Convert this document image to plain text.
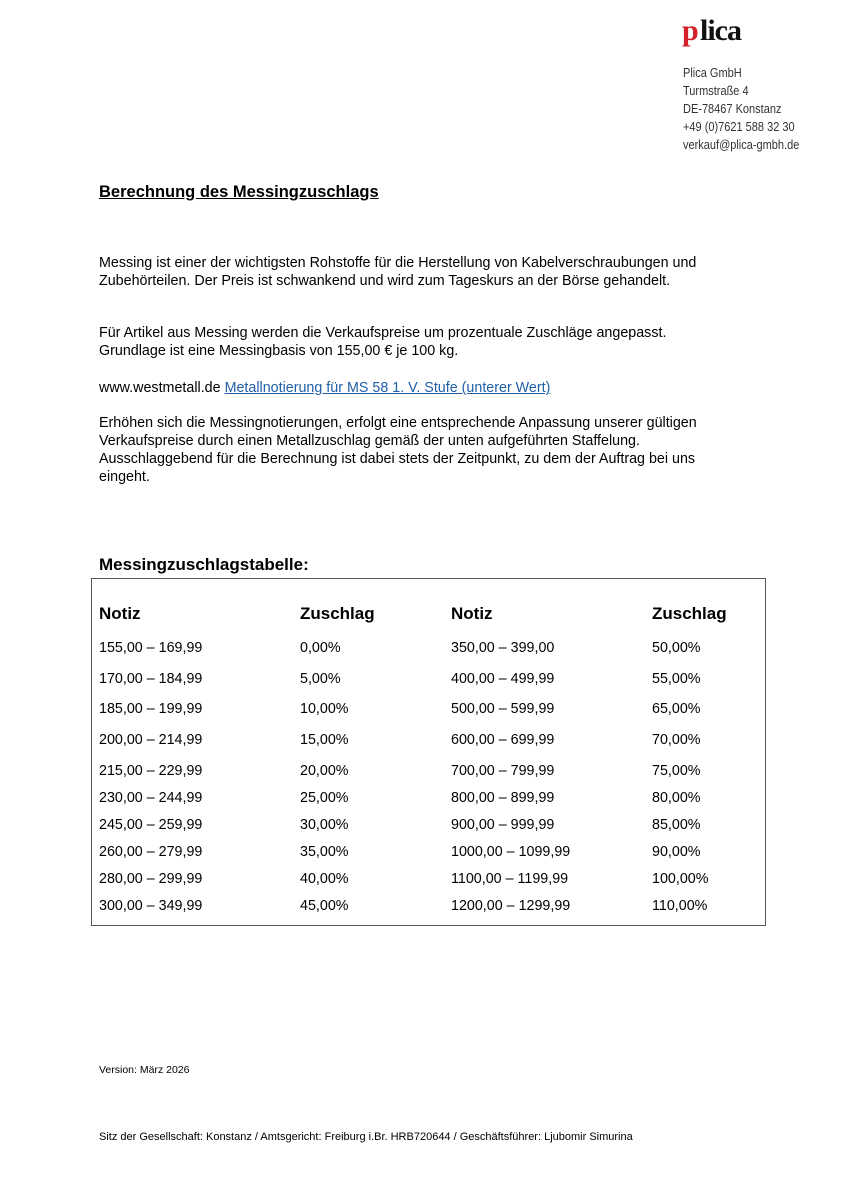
p lica
Plica GmbH
Turmstraße 4
DE-78467 Konstanz
+49 (0)7621 588 32 30
verkauf@plica-gmbh.de
Berechnung des Messingzuschlags
Messing ist einer der wichtigsten Rohstoffe für die Herstellung von Kabelverschraubungen und
Zubehörteilen. Der Preis ist schwankend und wird zum Tageskurs an der Börse gehandelt.
Für Artikel aus Messing werden die Verkaufspreise um prozentuale Zuschläge angepasst.
Grundlage ist eine Messingbasis von 155,00 € je 100 kg.
www.westmetall.de Metallnotierung für MS 58 1. V. Stufe (unterer Wert)
Erhöhen sich die Messingnotierungen, erfolgt eine entsprechende Anpassung unserer gültigen
Verkaufspreise durch einen Metallzuschlag gemäß der unten aufgeführten Staffelung.
Ausschlaggebend für die Berechnung ist dabei stets der Zeitpunkt, zu dem der Auftrag bei uns
eingeht.
Messingzuschlagstabelle:
Notiz	Zuschlag	Notiz	Zuschlag
155,00 – 169,99	0,00%	350,00 – 399,00	50,00%
170,00 – 184,99	5,00%	400,00 – 499,99	55,00%
185,00 – 199,99	10,00%	500,00 – 599,99	65,00%
200,00 – 214,99	15,00%	600,00 – 699,99	70,00%
215,00 – 229,99	20,00%	700,00 – 799,99	75,00%
230,00 – 244,99	25,00%	800,00 – 899,99	80,00%
245,00 – 259,99	30,00%	900,00 – 999,99	85,00%
260,00 – 279,99	35,00%	1000,00 – 1099,99	90,00%
280,00 – 299,99	40,00%	1100,00 – 1199,99	100,00%
300,00 – 349,99	45,00%	1200,00 – 1299,99	110,00%
Version: März 2026
Sitz der Gesellschaft: Konstanz / Amtsgericht: Freiburg i.Br. HRB720644 / Geschäftsführer: Ljubomir Simurina
